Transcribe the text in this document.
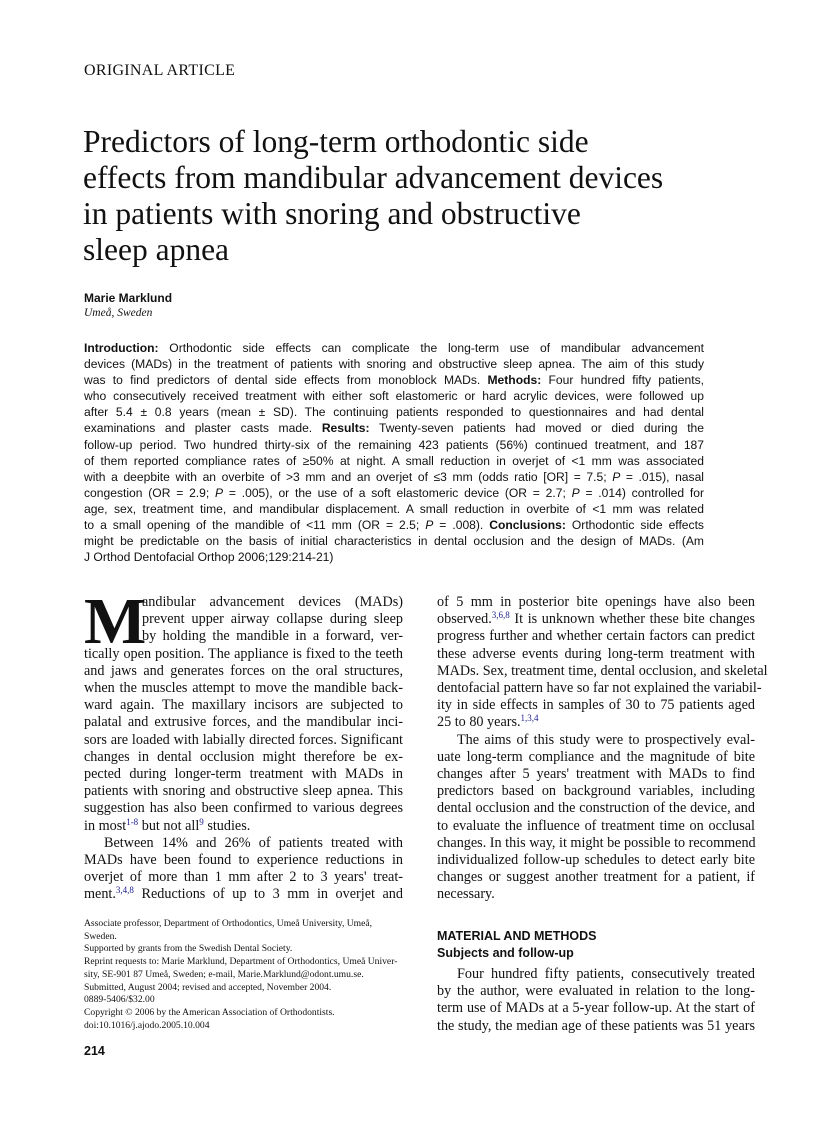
ORIGINAL ARTICLE
Predictors of long-term orthodontic side
effects from mandibular advancement devices
in patients with snoring and obstructive
sleep apnea
Marie Marklund
Umeå, Sweden
Introduction: Orthodontic side effects can complicate the long-term use of mandibular advancement
devices (MADs) in the treatment of patients with snoring and obstructive sleep apnea. The aim of this study
was to find predictors of dental side effects from monoblock MADs. Methods: Four hundred fifty patients,
who consecutively received treatment with either soft elastomeric or hard acrylic devices, were followed up
after 5.4 ± 0.8 years (mean ± SD). The continuing patients responded to questionnaires and had dental
examinations and plaster casts made. Results: Twenty-seven patients had moved or died during the
follow-up period. Two hundred thirty-six of the remaining 423 patients (56%) continued treatment, and 187
of them reported compliance rates of ≥50% at night. A small reduction in overjet of <1 mm was associated
with a deepbite with an overbite of >3 mm and an overjet of ≤3 mm (odds ratio [OR] = 7.5; P = .015), nasal
congestion (OR = 2.9; P = .005), or the use of a soft elastomeric device (OR = 2.7; P = .014) controlled for
age, sex, treatment time, and mandibular displacement. A small reduction in overbite of <1 mm was related
to a small opening of the mandible of <11 mm (OR = 2.5; P = .008). Conclusions: Orthodontic side effects
might be predictable on the basis of initial characteristics in dental occlusion and the design of MADs. (Am
J Orthod Dentofacial Orthop 2006;129:214-21)
M
andibular advancement devices (MADs)
prevent upper airway collapse during sleep
by holding the mandible in a forward, ver-
tically open position. The appliance is fixed to the teeth
and jaws and generates forces on the oral structures,
when the muscles attempt to move the mandible back-
ward again. The maxillary incisors are subjected to
palatal and extrusive forces, and the mandibular inci-
sors are loaded with labially directed forces. Significant
changes in dental occlusion might therefore be ex-
pected during longer-term treatment with MADs in
patients with snoring and obstructive sleep apnea. This
suggestion has also been confirmed to various degrees
in most$^{1-8}$ but not all$^9$ studies.
Between 14% and 26% of patients treated with
MADs have been found to experience reductions in
overjet of more than 1 mm after 2 to 3 years' treat-
ment.$^{3,4,8}$ Reductions of up to 3 mm in overjet and
of 5 mm in posterior bite openings have also been
observed.$^{3,6,8}$ It is unknown whether these bite changes
progress further and whether certain factors can predict
these adverse events during long-term treatment with
MADs. Sex, treatment time, dental occlusion, and skeletal
dentofacial pattern have so far not explained the variabil-
ity in side effects in samples of 30 to 75 patients aged
25 to 80 years.$^{1,3,4}$
The aims of this study were to prospectively eval-
uate long-term compliance and the magnitude of bite
changes after 5 years' treatment with MADs to find
predictors based on background variables, including
dental occlusion and the construction of the device, and
to evaluate the influence of treatment time on occlusal
changes. In this way, it might be possible to recommend
individualized follow-up schedules to detect early bite
changes or suggest another treatment for a patient, if
necessary.
MATERIAL AND METHODS
Subjects and follow-up
Four hundred fifty patients, consecutively treated
by the author, were evaluated in relation to the long-
term use of MADs at a 5-year follow-up. At the start of
the study, the median age of these patients was 51 years
Associate professor, Department of Orthodontics, Umeå University, Umeå,
Sweden.
Supported by grants from the Swedish Dental Society.
Reprint requests to: Marie Marklund, Department of Orthodontics, Umeå Univer-
sity, SE-901 87 Umeå, Sweden; e-mail, Marie.Marklund@odont.umu.se.
Submitted, August 2004; revised and accepted, November 2004.
0889-5406/$32.00
Copyright © 2006 by the American Association of Orthodontists.
doi:10.1016/j.ajodo.2005.10.004
214
